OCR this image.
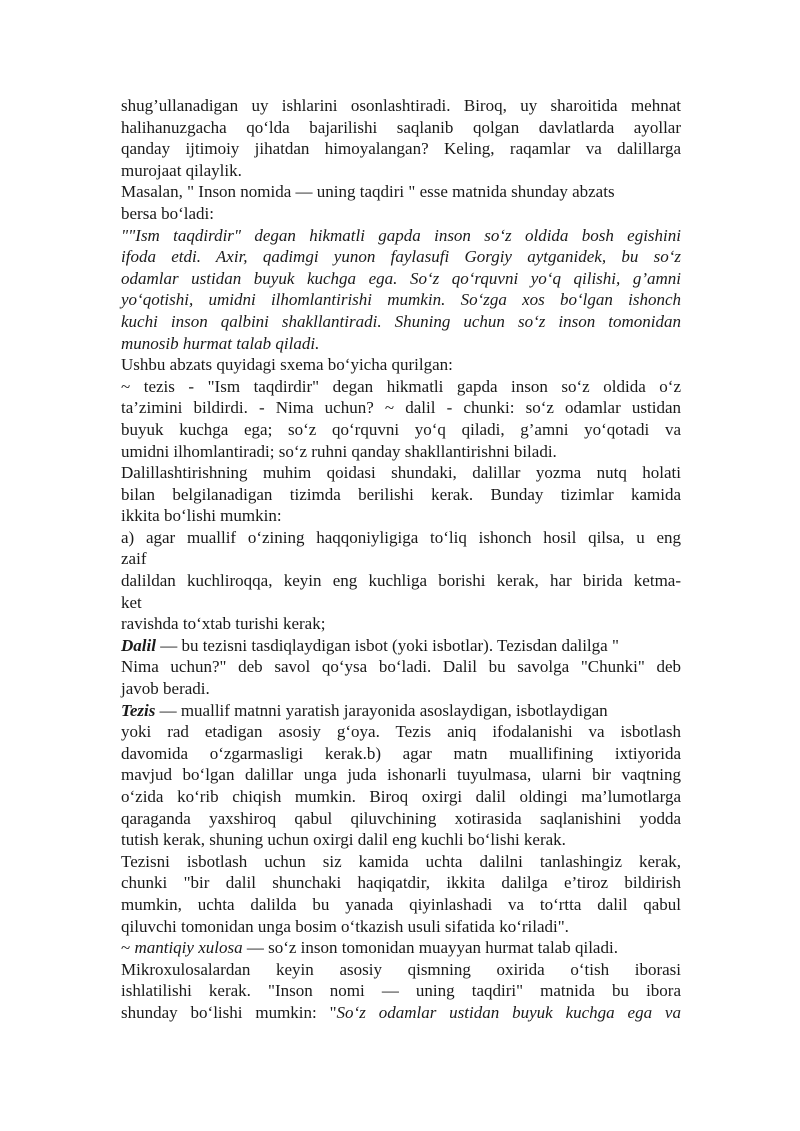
shug’ullanadigan uy ishlarini osonlashtiradi. Biroq, uy sharoitida mehnat

halihanuzgacha qo‘lda bajarilishi saqlanib qolgan davlatlarda ayollar

qanday ijtimoiy jihatdan himoyalangan? Keling, raqamlar va dalillarga

murojaat qilaylik.

Masalan, " Inson nomida — uning taqdiri " esse matnida shunday abzats

bersa bo‘ladi:

""Ism taqdirdir" degan hikmatli gapda inson so‘z oldida bosh egishini

ifoda etdi. Axir, qadimgi yunon faylasufi Gorgiy aytganidek, bu so‘z

odamlar ustidan buyuk kuchga ega. So‘z qo‘rquvni yo‘q qilishi, g’amni

yo‘qotishi, umidni ilhomlantirishi mumkin. So‘zga xos bo‘lgan ishonch

kuchi inson qalbini shakllantiradi. Shuning uchun so‘z inson tomonidan

munosib hurmat talab qiladi.

Ushbu abzats quyidagi sxema bo‘yicha qurilgan:

~ tezis - "Ism taqdirdir" degan hikmatli gapda inson so‘z oldida o‘z

ta’zimini bildirdi. - Nima uchun? ~ dalil - chunki: so‘z odamlar ustidan

buyuk kuchga ega; so‘z qo‘rquvni yo‘q qiladi, g’amni yo‘qotadi va

umidni ilhomlantiradi; so‘z ruhni qanday shakllantirishni biladi.

Dalillashtirishning muhim qoidasi shundaki, dalillar yozma nutq holati

bilan belgilanadigan tizimda berilishi kerak. Bunday tizimlar kamida

ikkita bo‘lishi mumkin:

a) agar muallif o‘zining haqqoniyligiga to‘liq ishonch hosil qilsa, u eng

zaif

dalildan kuchliroqqa, keyin eng kuchliga borishi kerak, har birida ketma-

ket

ravishda to‘xtab turishi kerak;

Dalil — bu tezisni tasdiqlaydigan isbot (yoki isbotlar). Tezisdan dalilga "

Nima uchun?" deb savol qo‘ysa bo‘ladi. Dalil bu savolga "Chunki" deb

javob beradi.

Tezis — muallif matnni yaratish jarayonida asoslaydigan, isbotlaydigan

yoki rad etadigan asosiy g‘oya. Tezis aniq ifodalanishi va isbotlash

davomida o‘zgarmasligi kerak.b) agar matn muallifining ixtiyorida

mavjud bo‘lgan dalillar unga juda ishonarli tuyulmasa, ularni bir vaqtning

o‘zida ko‘rib chiqish mumkin. Biroq oxirgi dalil oldingi ma’lumotlarga

qaraganda yaxshiroq qabul qiluvchining xotirasida saqlanishini yodda

tutish kerak, shuning uchun oxirgi dalil eng kuchli bo‘lishi kerak.

Tezisni isbotlash uchun siz kamida uchta dalilni tanlashingiz kerak,

chunki "bir dalil shunchaki haqiqatdir, ikkita dalilga e’tiroz bildirish

mumkin, uchta dalilda bu yanada qiyinlashadi va to‘rtta dalil qabul

qiluvchi tomonidan unga bosim o‘tkazish usuli sifatida ko‘riladi".

~ mantiqiy xulosa — so‘z inson tomonidan muayyan hurmat talab qiladi.

Mikroxulosalardan keyin asosiy qismning oxirida o‘tish iborasi

ishlatilishi kerak. "Inson nomi — uning taqdiri" matnida bu ibora

shunday bo‘lishi mumkin: "So‘z odamlar ustidan buyuk kuchga ega va
